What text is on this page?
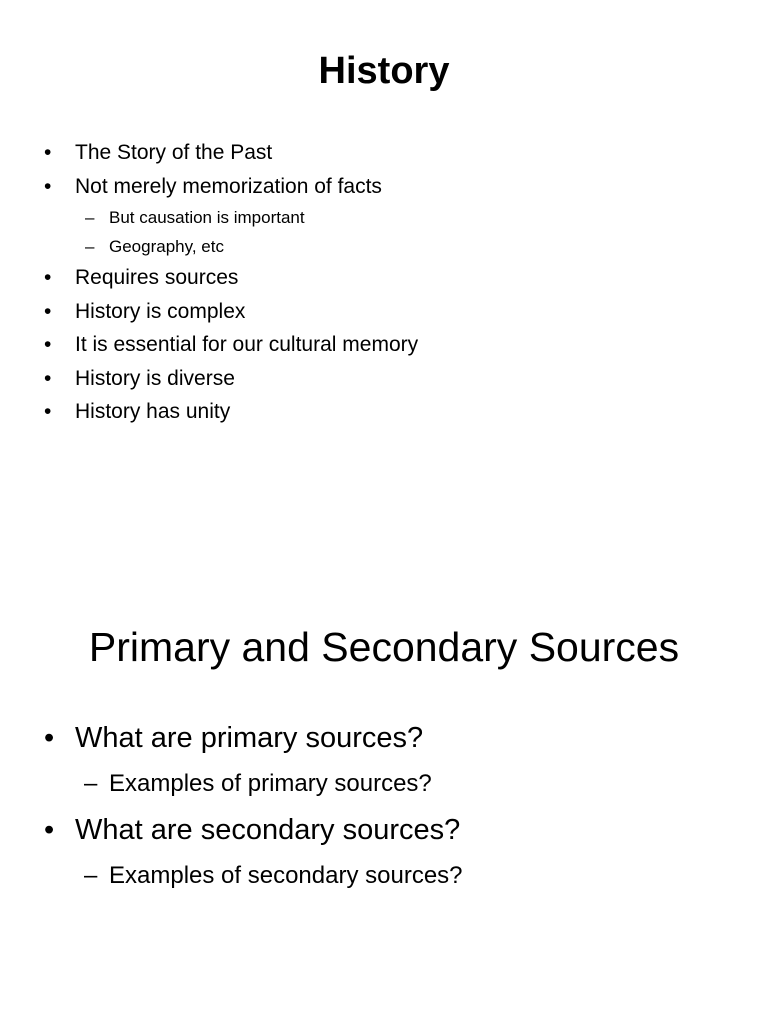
History
• The Story of the Past
• Not merely memorization of facts
– But causation is important
– Geography, etc
• Requires sources
• History is complex
• It is essential for our cultural memory
• History is diverse
• History has unity
Primary and Secondary Sources
• What are primary sources?
– Examples of primary sources?
• What are secondary sources?
– Examples of secondary sources?
